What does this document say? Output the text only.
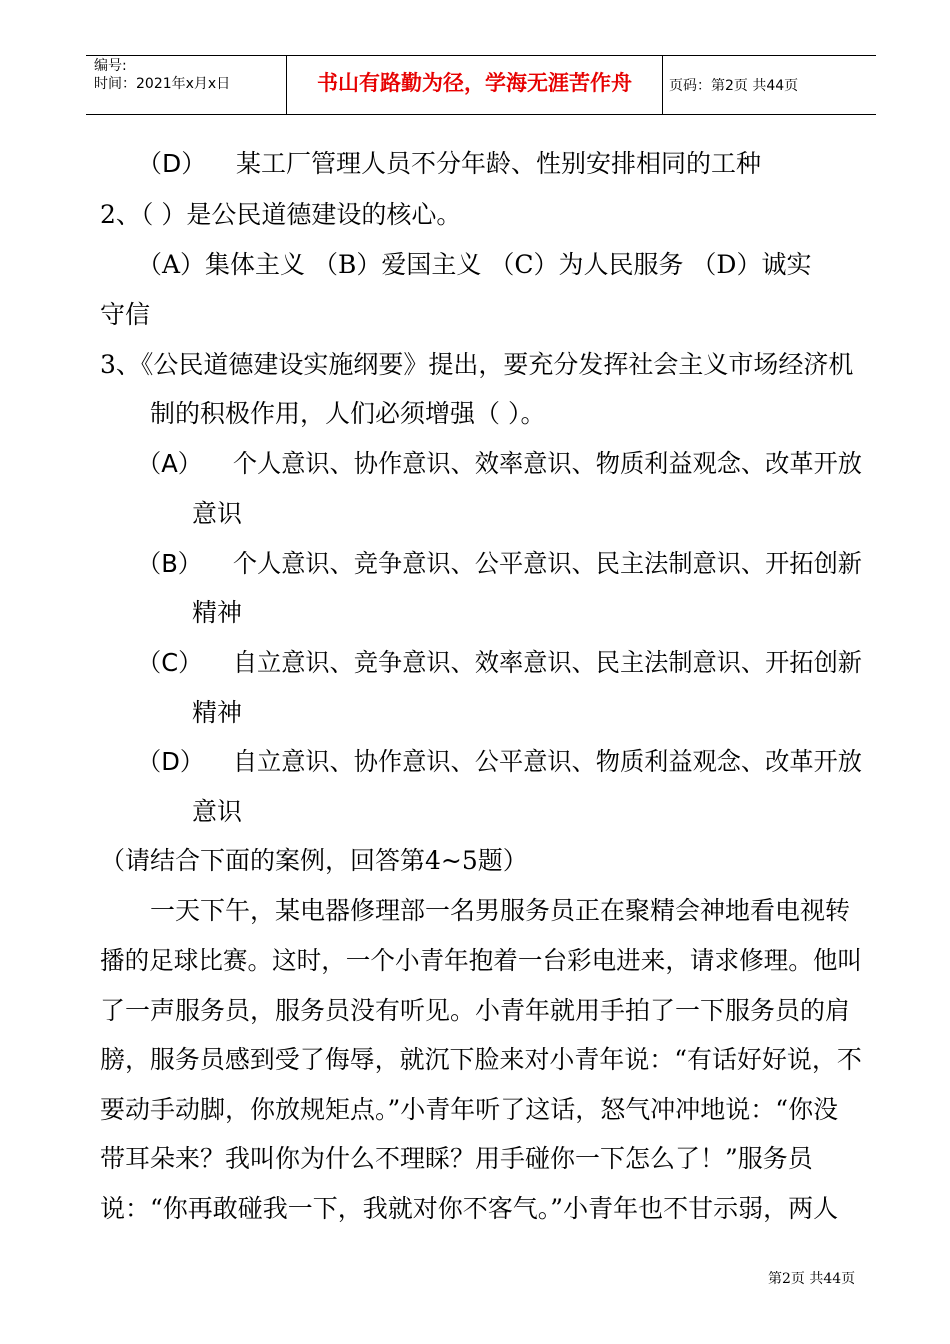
编号:
时间：2021年x月x日	书山有路勤为径，学海无涯苦作舟	页码：第2页 共44页
（D） 某工厂管理人员不分年龄、性别安排相同的工种
2、（ ）是公民道德建设的核心。
（A）集体主义 （B）爱国主义 （C）为人民服务 （D）诚实
守信
3、《公民道德建设实施纲要》提出，要充分发挥社会主义市场经济机
制的积极作用，人们必须增强（ ）。
（A） 个人意识、协作意识、效率意识、物质利益观念、改革开放
意识
（B） 个人意识、竞争意识、公平意识、民主法制意识、开拓创新
精神
（C） 自立意识、竞争意识、效率意识、民主法制意识、开拓创新
精神
（D） 自立意识、协作意识、公平意识、物质利益观念、改革开放
意识
（请结合下面的案例，回答第4~5题）
一天下午，某电器修理部一名男服务员正在聚精会神地看电视转
播的足球比赛。这时，一个小青年抱着一台彩电进来，请求修理。他叫
了一声服务员，服务员没有听见。小青年就用手拍了一下服务员的肩
膀，服务员感到受了侮辱，就沉下脸来对小青年说：“有话好好说，不
要动手动脚，你放规矩点。”小青年听了这话，怒气冲冲地说：“你没
带耳朵来？我叫你为什么不理睬？用手碰你一下怎么了！”服务员
说：“你再敢碰我一下，我就对你不客气。”小青年也不甘示弱，两人
第2页 共44页
